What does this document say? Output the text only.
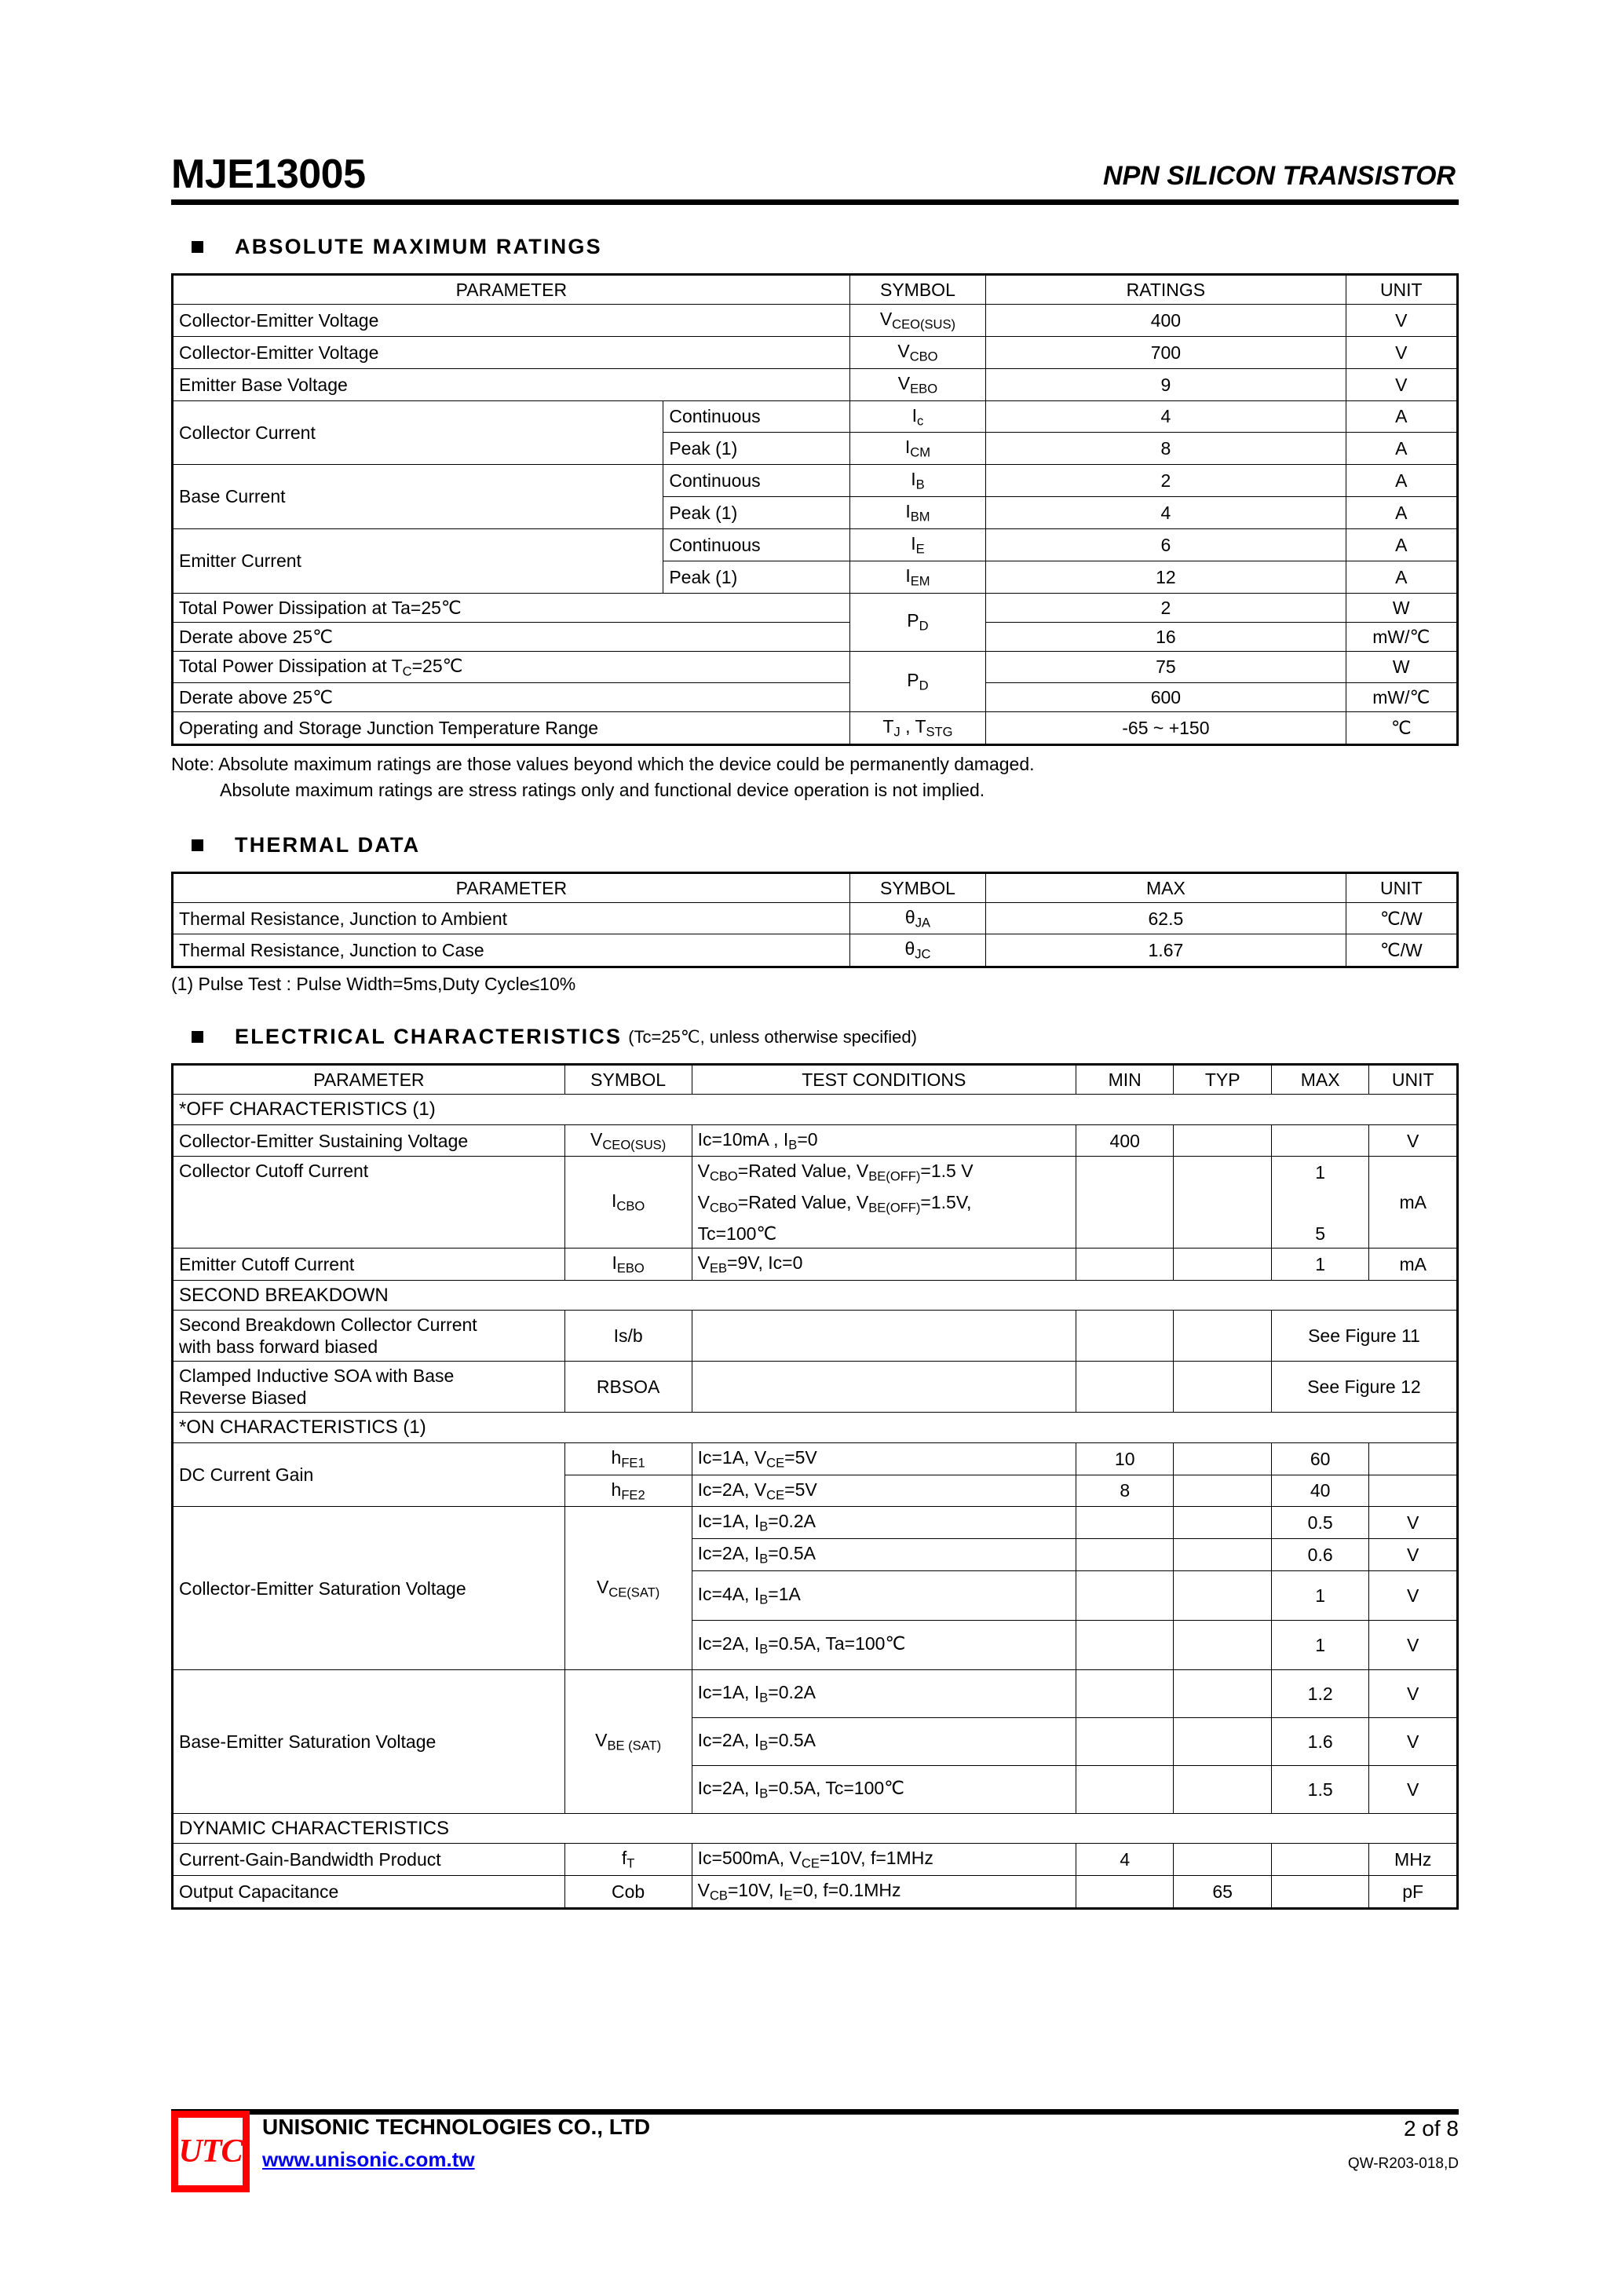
MJE13005	NPN SILICON TRANSISTOR
ABSOLUTE MAXIMUM RATINGS
PARAMETER		SYMBOL	RATINGS	UNIT
Collector-Emitter Voltage		$V_{CEO(SUS)}$	400	V
Collector-Emitter Voltage		$V_{CBO}$	700	V
Emitter Base Voltage		$V_{EBO}$	9	V
Collector Current	Continuous	$I_c$	4	A
	Peak (1)	$I_{CM}$	8	A
Base Current	Continuous	$I_B$	2	A
	Peak (1)	$I_{BM}$	4	A
Emitter Current	Continuous	$I_E$	6	A
	Peak (1)	$I_{EM}$	12	A
Total Power Dissipation at Ta=25℃		$P_D$	2	W
Derate above 25℃			16	mW/℃
Total Power Dissipation at $T_C=25℃$		$P_D$	75	W
Derate above 25℃			600	mW/℃
Operating and Storage Junction Temperature Range		$T_J$ , $T_{STG}$	-65 ~ +150	℃
Note: Absolute maximum ratings are those values beyond which the device could be permanently damaged.
Absolute maximum ratings are stress ratings only and functional device operation is not implied.
THERMAL DATA
PARAMETER	SYMBOL	MAX	UNIT
Thermal Resistance, Junction to Ambient	$\theta_{JA}$	62.5	℃/W
Thermal Resistance, Junction to Case	$\theta_{JC}$	1.67	℃/W
(1) Pulse Test : Pulse Width=5ms,Duty Cycle≤10%
ELECTRICAL CHARACTERISTICS (Tc=25℃, unless otherwise specified)
PARAMETER	SYMBOL	TEST CONDITIONS	MIN	TYP	MAX	UNIT
*OFF CHARACTERISTICS (1)						
Collector-Emitter Sustaining Voltage	$V_{CEO(SUS)}$	Ic=10mA , $I_B=0$	400			V
Collector Cutoff Current	$I_{CBO}$	$V_{CBO}=Rated$ Value, $V_{BE(OFF)}=1.5$ V			1	mA
		$V_{CBO}=Rated$ Value, $V_{BE(OFF)}=1.5V$,				
		Tc=100℃			5	
Emitter Cutoff Current	$I_{EBO}$	$V_{EB}=9V$, Ic=0			1	mA
SECOND BREAKDOWN						
Second Breakdown Collector Current
with bass forward biased	Is/b				See Figure 11	
Clamped Inductive SOA with Base
Reverse Biased	RBSOA				See Figure 12	
*ON CHARACTERISTICS (1)						
DC Current Gain	$h_{FE1}$	Ic=1A, $V_{CE}=5V$	10		60	
	$h_{FE2}$	Ic=2A, $V_{CE}=5V$	8		40	
Collector-Emitter Saturation Voltage	$V_{CE(SAT)}$	Ic=1A, $I_B=0.2A$			0.5	V
		Ic=2A, $I_B=0.5A$			0.6	V
		Ic=4A, $I_B=1A$			1	V
		Ic=2A, $I_B=0.5A$, Ta=100℃			1	V
Base-Emitter Saturation Voltage	$V_{BE (SAT)}$	Ic=1A, $I_B=0.2A$			1.2	V
		Ic=2A, $I_B=0.5A$			1.6	V
		Ic=2A, $I_B=0.5A$, Tc=100℃			1.5	V
DYNAMIC CHARACTERISTICS						
Current-Gain-Bandwidth Product	$f_T$	Ic=500mA, $V_{CE}=10V$, f=1MHz	4			MHz
Output Capacitance	Cob	$V_{CB}=10V$, $I_E=0$, f=0.1MHz		65		pF
UTC
UNISONIC TECHNOLOGIES CO., LTD
www.unisonic.com.tw
2 of 8
QW-R203-018,D
